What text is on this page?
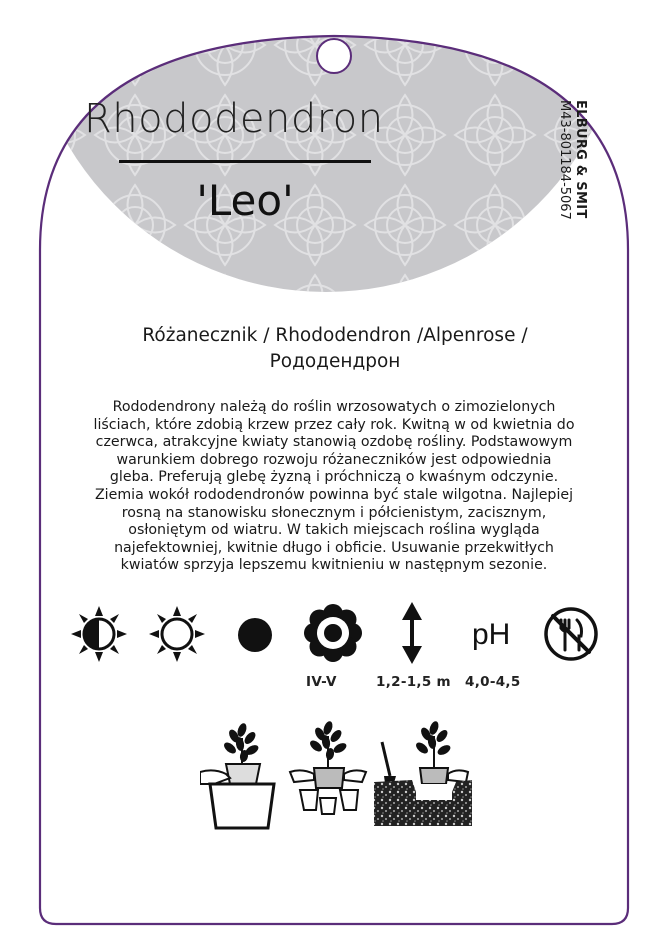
Rhododendron
'Leo'	ELBURG & SMIT
M43-801184-5067
Różanecznik / Rhododendron /Alpenrose /
Рододендрон
Rododendrony należą do roślin wrzosowatych o zimozielonych
liściach, które zdobią krzew przez cały rok. Kwitną w od kwietnia do
czerwca, atrakcyjne kwiaty stanowią ozdobę rośliny. Podstawowym
warunkiem dobrego rozwoju różaneczników jest odpowiednia
gleba. Preferują glebę żyzną i próchniczą o kwaśnym odczynie.
Ziemia wokół rododendronów powinna być stale wilgotna. Najlepiej
rosną na stanowisku słonecznym i półcienistym, zacisznym,
osłoniętym od wiatru. W takich miejscach roślina wygląda
najefektowniej, kwitnie długo i obficie. Usuwanie przekwitłych
kwiatów sprzyja lepszemu kwitnieniu w następnym sezonie.
pH
IV-V	1,2-1,5 m 4,0-4,5
